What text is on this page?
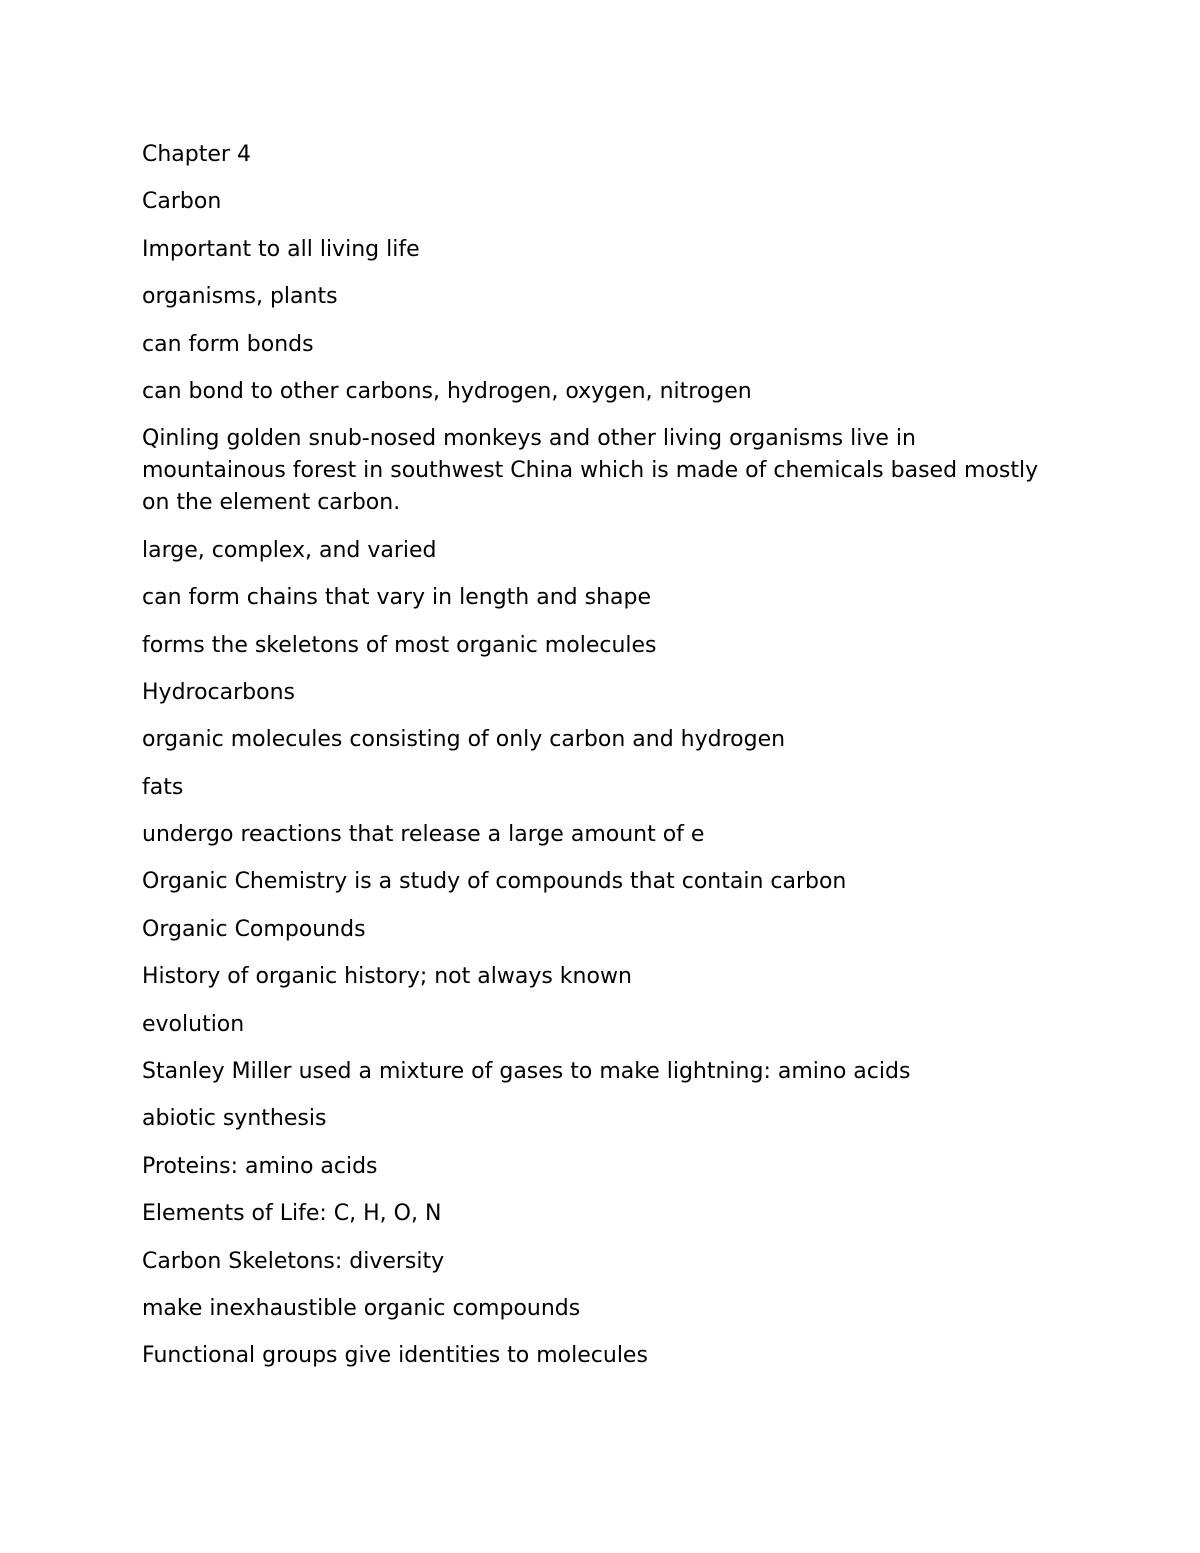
Chapter 4

Carbon

Important to all living life

organisms, plants

can form bonds

can bond to other carbons, hydrogen, oxygen, nitrogen

Qinling golden snub-nosed monkeys and other living organisms live in mountainous forest in southwest China which is made of chemicals based mostly on the element carbon.

large, complex, and varied

can form chains that vary in length and shape

forms the skeletons of most organic molecules

Hydrocarbons

organic molecules consisting of only carbon and hydrogen

fats

undergo reactions that release a large amount of e

Organic Chemistry is a study of compounds that contain carbon

Organic Compounds

History of organic history; not always known

evolution

Stanley Miller used a mixture of gases to make lightning: amino acids

abiotic synthesis

Proteins: amino acids

Elements of Life: C, H, O, N

Carbon Skeletons: diversity

make inexhaustible organic compounds

Functional groups give identities to molecules
